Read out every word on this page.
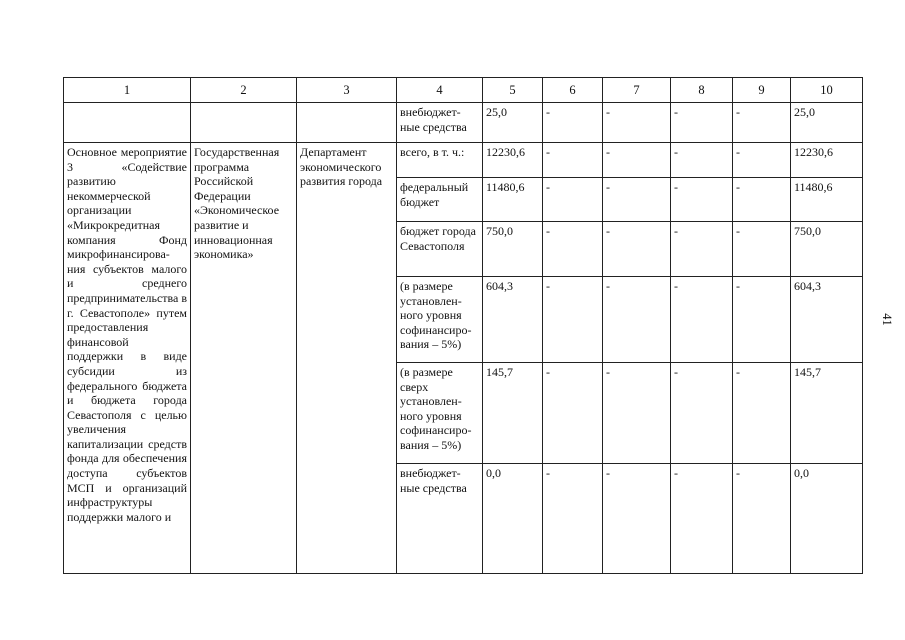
1	2	3	4	5	6	7	8	9	10
			внебюджет-ные средства	25,0	-	-	-	-	25,0
Основное мероприятие 3 «Содействие развитию некоммерческой организации «Микрокредитная компания Фонд микрофинансирова-ния субъектов малого и среднего предпринимательства в г. Севастополе» путем предоставления финансовой поддержки в виде субсидии из федерального бюджета и бюджета города Севастополя с целью увеличения капитализации средств фонда для обеспечения доступа субъектов МСП и организаций инфраструктуры поддержки малого и	Государственная программа Российской Федерации «Экономическое развитие и инновационная экономика»	Департамент экономического развития города	всего, в т. ч.:	12230,6	-	-	-	-	12230,6
			федеральный бюджет	11480,6	-	-	-	-	11480,6
			бюджет города Севастополя	750,0	-	-	-	-	750,0
			(в размере установлен-ного уровня софинансиро-вания – 5%)	604,3	-	-	-	-	604,3
			(в размере сверх установлен-ного уровня софинансиро-вания – 5%)	145,7	-	-	-	-	145,7
			внебюджет-ные средства	0,0	-	-	-	-	0,0
41
